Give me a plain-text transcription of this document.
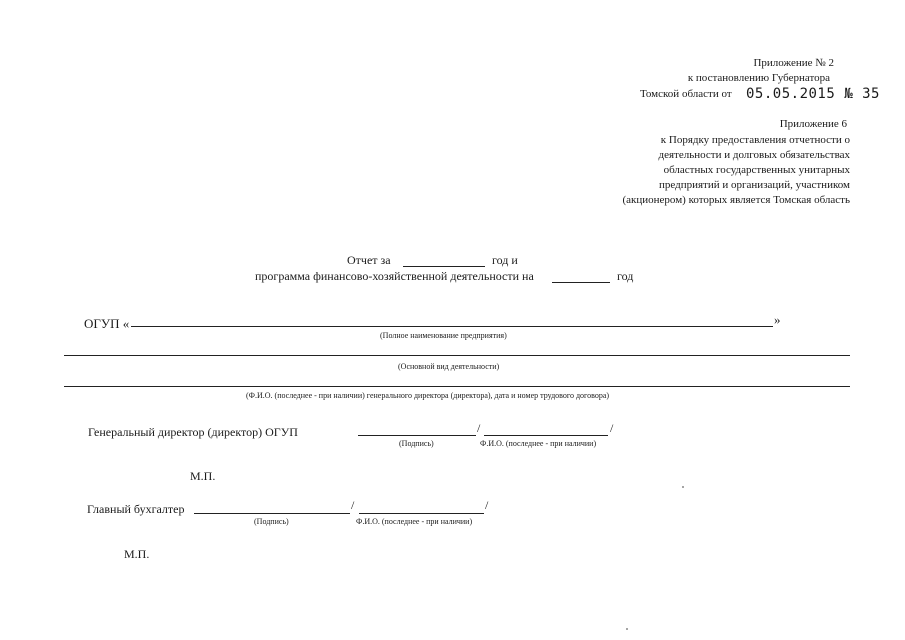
Приложение № 2
к постановлению Губернатора
Томской области от 05.05.2015 № 35
Приложение 6
к Порядку предоставления отчетности о
деятельности и долговых обязательствах
областных государственных унитарных
предприятий и организаций, участником
(акционером) которых является Томская область
Отчет за	год и
программа финансово-хозяйственной деятельности на	год
ОГУП «	»
(Полное наименование предприятия)
(Основной вид деятельности)
(Ф.И.О. (последнее - при наличии) генерального директора (директора), дата и номер трудового договора)
Генеральный директор (директор) ОГУП	/	/
(Подпись)	Ф.И.О. (последнее - при наличии)
М.П.
Главный бухгалтер	/	/
(Подпись)	Ф.И.О. (последнее - при наличии)
М.П.
